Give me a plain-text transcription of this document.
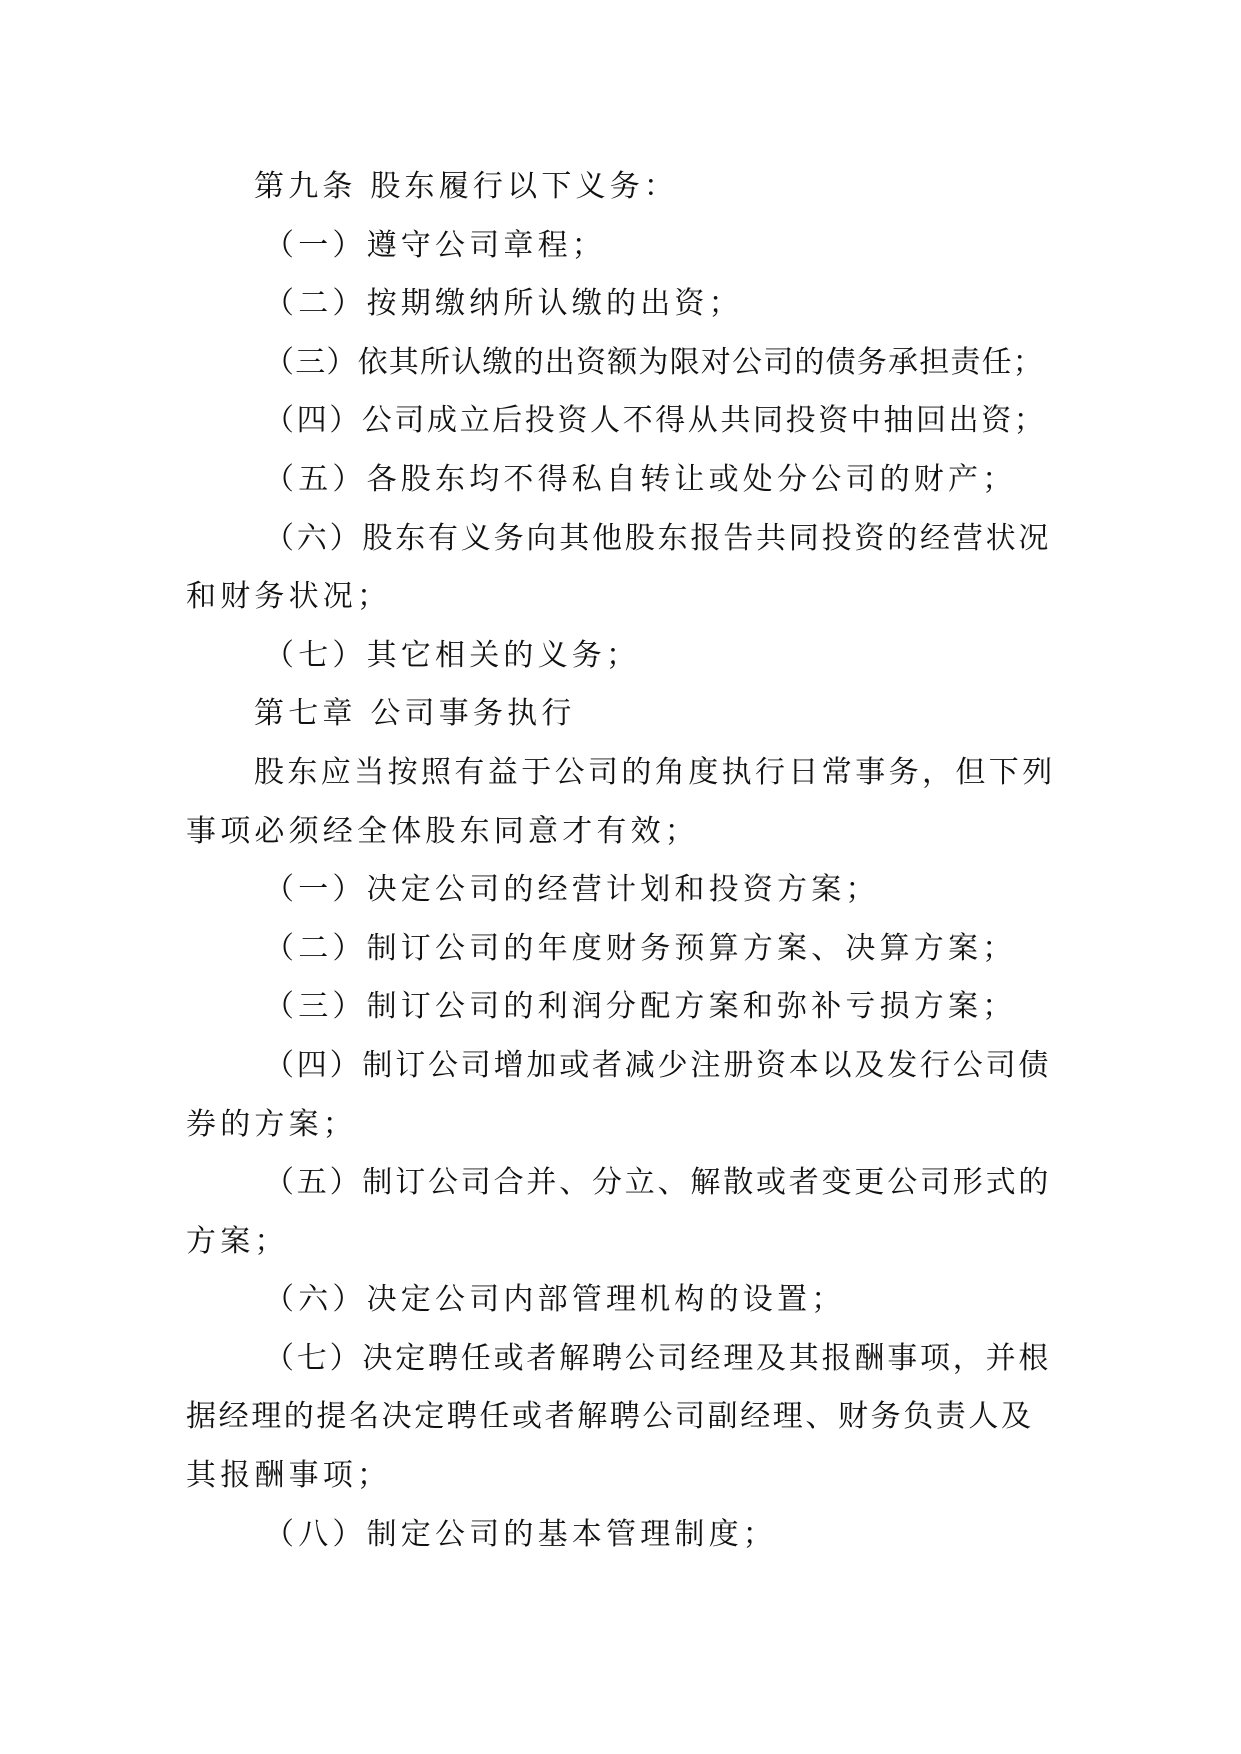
第九条 股东履行以下义务：
（一）遵守公司章程；
（二）按期缴纳所认缴的出资；
（三）依其所认缴的出资额为限对公司的债务承担责任；
（四）公司成立后投资人不得从共同投资中抽回出资；
（五）各股东均不得私自转让或处分公司的财产；
（六）股东有义务向其他股东报告共同投资的经营状况
和财务状况；
（七）其它相关的义务；
第七章 公司事务执行
股东应当按照有益于公司的角度执行日常事务，但下列
事项必须经全体股东同意才有效；
（一）决定公司的经营计划和投资方案；
（二）制订公司的年度财务预算方案、决算方案；
（三）制订公司的利润分配方案和弥补亏损方案；
（四）制订公司增加或者减少注册资本以及发行公司债
券的方案；
（五）制订公司合并、分立、解散或者变更公司形式的
方案；
（六）决定公司内部管理机构的设置；
（七）决定聘任或者解聘公司经理及其报酬事项，并根
据经理的提名决定聘任或者解聘公司副经理、财务负责人及
其报酬事项；
（八）制定公司的基本管理制度；
